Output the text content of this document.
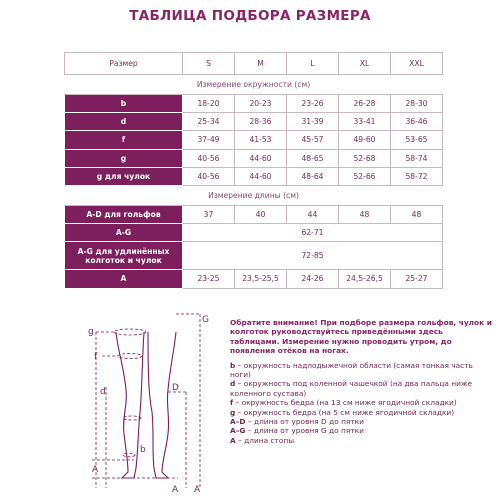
ТАБЛИЦА ПОДБОРА РАЗМЕРА
Размер	S	M	L	XL	XXL
Измерение окружности (см)					
b	18-20	20-23	23-26	26-28	28-30
d	25-34	28-36	31-39	33-41	36-46
f	37-49	41-53	45-57	49-60	53-65
g	40-56	44-60	48-65	52-68	58-74
g для чулок	40-56	44-60	48-64	52-66	58-72
Измерение длины (см)					
A-D для гольфов	37	40	44	48	48
A-G	62-71				
A-G для удлинённых колготок и чулок	72-85				
A	23-25	23,5-25,5	24-26	24,5-26,5	25-27
g
f
d
b
G
D
A
A A
Обратите внимание! При подборе размера гольфов, чулок и колготок руководствуйтесь приведёнными здесь таблицами. Измерение нужно проводить утром, до появления отёков на ногах.
b – окружность надлодыжечной области (самая тонкая часть ноги)
d – окружность под коленной чашечкой (на два пальца ниже коленного сустава)
f – окружность бедра (на 13 см ниже ягодичной складки)
g – окружность бедра (на 5 см ниже ягодичной складки)
A–D – длина от уровня D до пятки
A–G – длина от уровня G до пятки
A – длина стопы
